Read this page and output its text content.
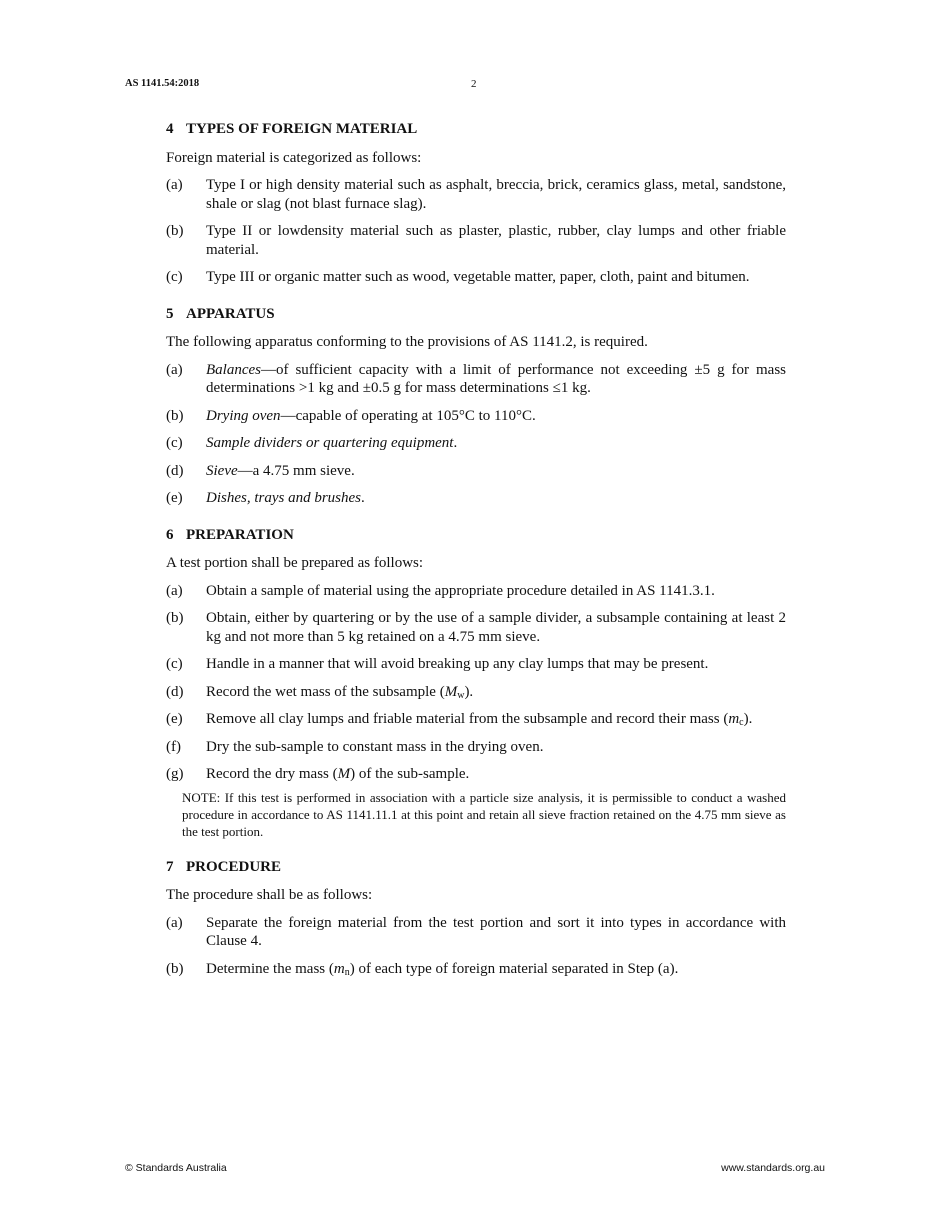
AS 1141.54:2018	2
4 TYPES OF FOREIGN MATERIAL

Foreign material is categorized as follows:

(a)	Type I or high density material such as asphalt, breccia, brick, ceramics glass, metal, sandstone, shale or slag (not blast furnace slag).
(b)	Type II or lowdensity material such as plaster, plastic, rubber, clay lumps and other friable material.
(c)	Type III or organic matter such as wood, vegetable matter, paper, cloth, paint and bitumen.
5 APPARATUS

The following apparatus conforming to the provisions of AS 1141.2, is required.

(a)	Balances—of sufficient capacity with a limit of performance not exceeding ±5 g for mass determinations >1 kg and ±0.5 g for mass determinations ≤1 kg.
(b)	Drying oven—capable of operating at 105°C to 110°C.
(c)	Sample dividers or quartering equipment.
(d)	Sieve—a 4.75 mm sieve.
(e)	Dishes, trays and brushes.
6 PREPARATION

A test portion shall be prepared as follows:

(a)	Obtain a sample of material using the appropriate procedure detailed in AS 1141.3.1.
(b)	Obtain, either by quartering or by the use of a sample divider, a subsample containing at least 2 kg and not more than 5 kg retained on a 4.75 mm sieve.
(c)	Handle in a manner that will avoid breaking up any clay lumps that may be present.
(d)	Record the wet mass of the subsample $(M_w)$.
(e)	Remove all clay lumps and friable material from the subsample and record their mass $(m_c)$.
(f)	Dry the sub-sample to constant mass in the drying oven.
(g)	Record the dry mass (M) of the sub-sample.

NOTE: If this test is performed in association with a particle size analysis, it is permissible to conduct a washed procedure in accordance to AS 1141.11.1 at this point and retain all sieve fraction retained on the 4.75 mm sieve as the test portion.

7 PROCEDURE

The procedure shall be as follows:

(a)	Separate the foreign material from the test portion and sort it into types in accordance with Clause 4.
(b)	Determine the mass $(m_n)$ of each type of foreign material separated in Step (a).
© Standards Australia	www.standards.org.au
